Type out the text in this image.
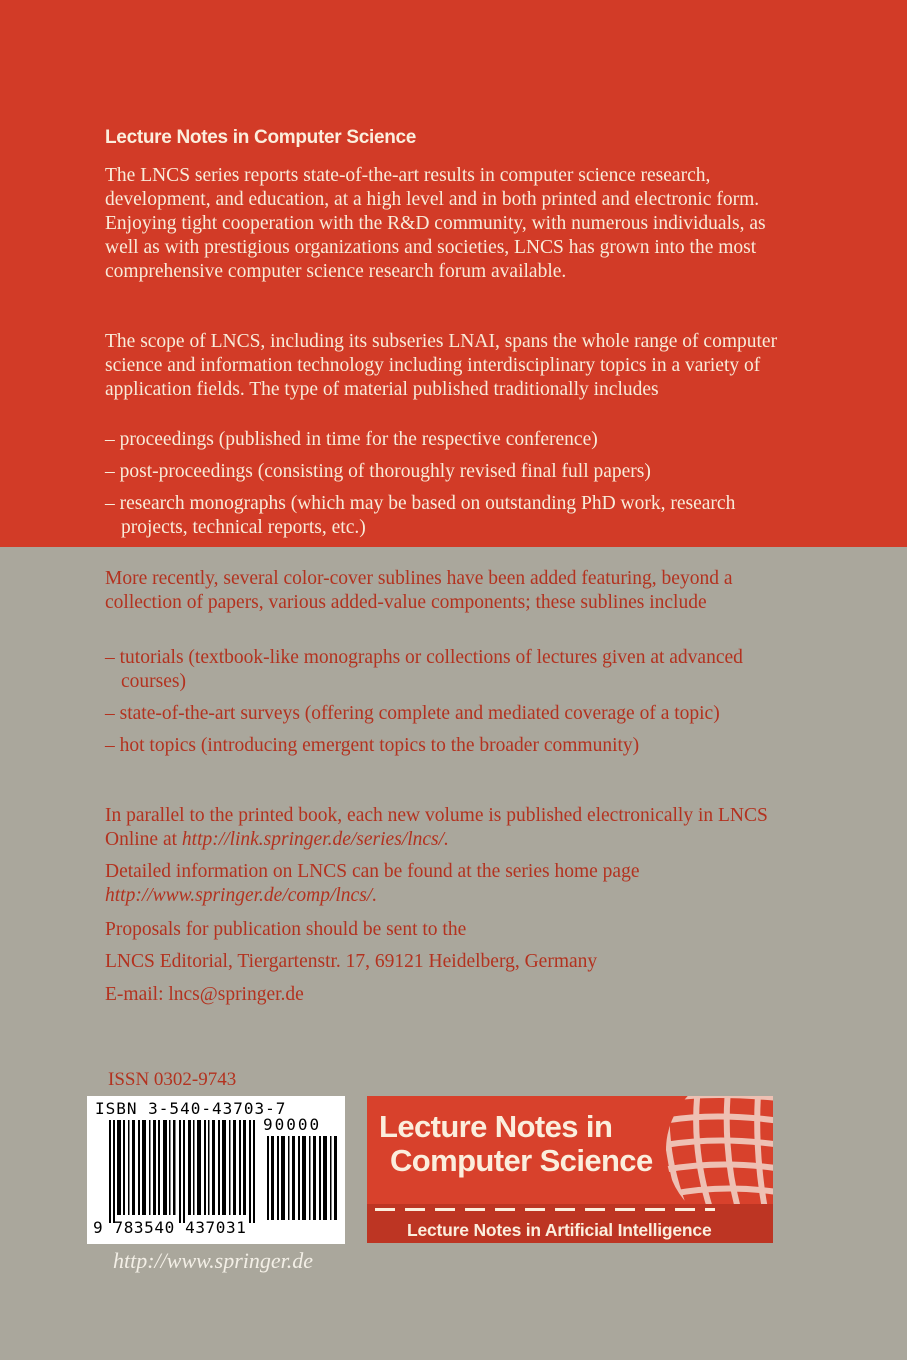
Lecture Notes in Computer Science

The LNCS series reports state-of-the-art results in computer science research, development, and education, at a high level and in both printed and electronic form. Enjoying tight cooperation with the R&D community, with numerous individuals, as well as with prestigious organizations and societies, LNCS has grown into the most comprehensive computer science research forum available.

The scope of LNCS, including its subseries LNAI, spans the whole range of computer science and information technology including interdisciplinary topics in a variety of application fields. The type of material published traditionally includes

– proceedings (published in time for the respective conference)
– post-proceedings (consisting of thoroughly revised final full papers)
– research monographs (which may be based on outstanding PhD work, research projects, technical reports, etc.)

More recently, several color-cover sublines have been added featuring, beyond a collection of papers, various added-value components; these sublines include

– tutorials (textbook-like monographs or collections of lectures given at advanced courses)
– state-of-the-art surveys (offering complete and mediated coverage of a topic)
– hot topics (introducing emergent topics to the broader community)

In parallel to the printed book, each new volume is published electronically in LNCS Online at http://link.springer.de/series/lncs/.

Detailed information on LNCS can be found at the series home page
http://www.springer.de/comp/lncs/.

Proposals for publication should be sent to the

LNCS Editorial, Tiergartenstr. 17, 69121 Heidelberg, Germany

E-mail: lncs@springer.de

ISSN 0302-9743
ISBN 3-540-43703-7
90000
9 783540 437031
http://www.springer.de
Lecture Notes in
Computer Science
Lecture Notes in Artificial Intelligence
